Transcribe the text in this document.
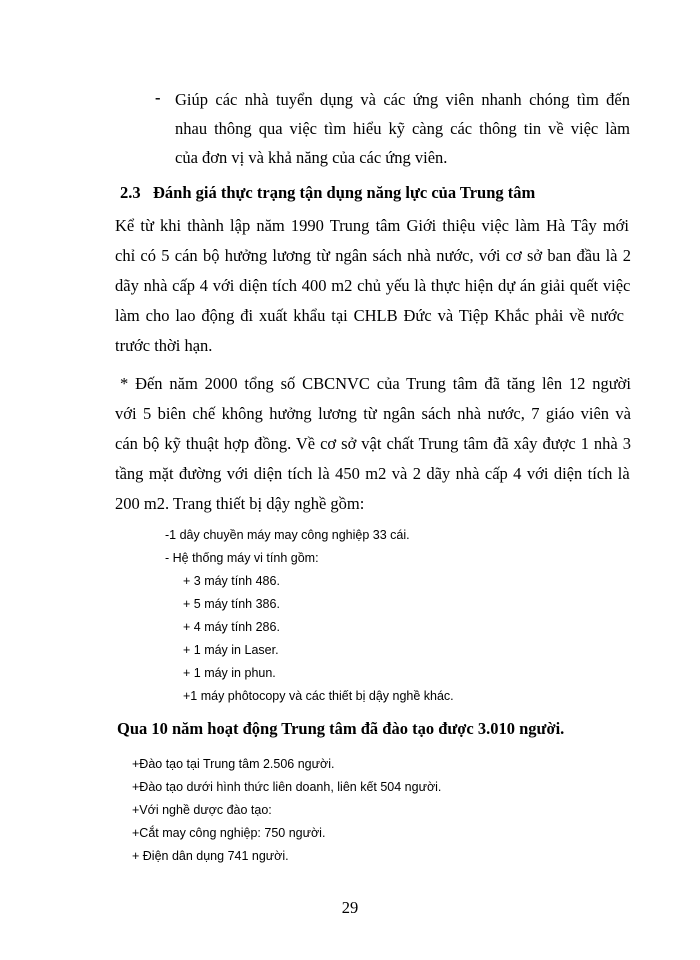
- Giúp các nhà tuyển dụng và các ứng viên nhanh chóng tìm đến
nhau thông qua việc tìm hiểu kỹ càng các thông tin về việc làm
của đơn vị và khả năng của các ứng viên.
2.3 Đánh giá thực trạng tận dụng năng lực của Trung tâm
Kể từ khi thành lập năm 1990 Trung tâm Giới thiệu việc làm Hà Tây mới
chỉ có 5 cán bộ hưởng lương từ ngân sách nhà nước, với cơ sở ban đầu là 2
dãy nhà cấp 4 với diện tích 400 m2 chủ yếu là thực hiện dự án giải quết việc
làm cho lao động đi xuất khẩu tại CHLB Đức và Tiệp Khắc phải về nước
trước thời hạn.
* Đến năm 2000 tổng số CBCNVC của Trung tâm đã tăng lên 12 người
với 5 biên chế không hưởng lương từ ngân sách nhà nước, 7 giáo viên và
cán bộ kỹ thuật hợp đồng. Về cơ sở vật chất Trung tâm đã xây được 1 nhà 3
tầng mặt đường với diện tích là 450 m2 và 2 dãy nhà cấp 4 với diện tích là
200 m2. Trang thiết bị dậy nghề gồm:
-1 dây chuyền máy may công nghiệp 33 cái.
- Hệ thống máy vi tính gồm:
+ 3 máy tính 486.
+ 5 máy tính 386.
+ 4 máy tính 286.
+ 1 máy in Laser.
+ 1 máy in phun.
+1 máy phôtocopy và các thiết bị dậy nghề khác.
Qua 10 năm hoạt động Trung tâm đã đào tạo được 3.010 người.
+Đào tạo tại Trung tâm 2.506 người.
+Đào tạo dưới hình thức liên doanh, liên kết 504 người.
+Với nghề dược đào tạo:
+Cắt may công nghiệp: 750 người.
+ Điện dân dụng 741 người.
29
